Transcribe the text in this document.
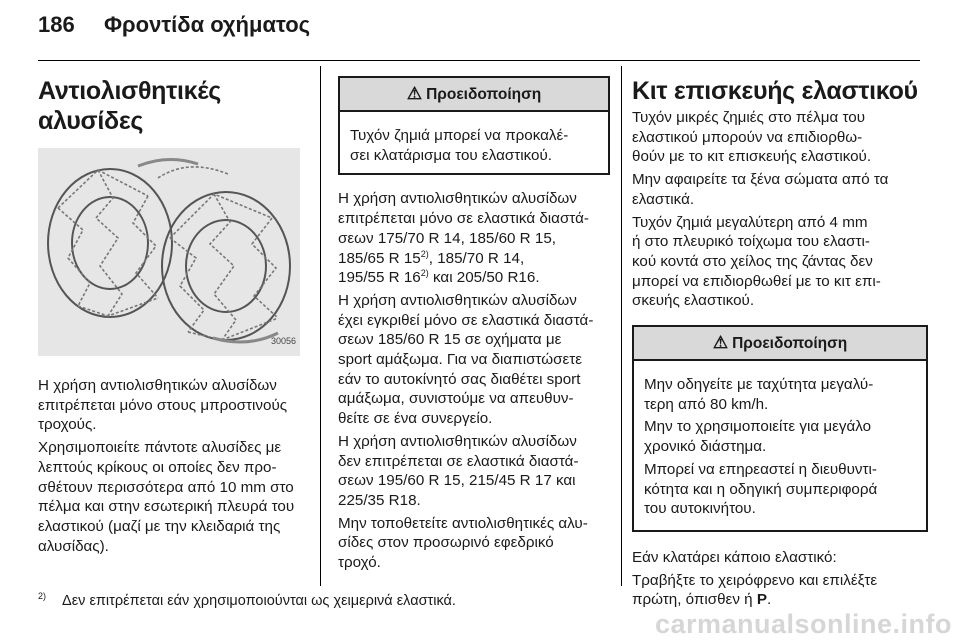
186 Φροντίδα οχήματος
Αντιολισθητικές αλυσίδες
30056

Η χρήση αντιολισθητικών αλυσίδων
επιτρέπεται μόνο στους μπροστινούς
τροχούς.

Χρησιμοποιείτε πάντοτε αλυσίδες με
λεπτούς κρίκους οι οποίες δεν προ-
σθέτουν περισσότερα από 10 mm στο
πέλμα και στην εσωτερική πλευρά του
ελαστικού (μαζί με την κλειδαριά της
αλυσίδας).

⚠ Προειδοποίηση
Τυχόν ζημιά μπορεί να προκαλέ-
σει κλατάρισμα του ελαστικού.

Η χρήση αντιολισθητικών αλυσίδων
επιτρέπεται μόνο σε ελαστικά διαστά-
σεων 175/70 R 14, 185/60 R 15,
185/65 R 15$^{2)}$, 185/70 R 14,
195/55 R 16$^{2)}$ και 205/50 R16.

Η χρήση αντιολισθητικών αλυσίδων
έχει εγκριθεί μόνο σε ελαστικά διαστά-
σεων 185/60 R 15 σε οχήματα με
sport αμάξωμα. Για να διαπιστώσετε
εάν το αυτοκίνητό σας διαθέτει sport
αμάξωμα, συνιστούμε να απευθυν-
θείτε σε ένα συνεργείο.

Η χρήση αντιολισθητικών αλυσίδων
δεν επιτρέπεται σε ελαστικά διαστά-
σεων 195/60 R 15, 215/45 R 17 και
225/35 R18.

Μην τοποθετείτε αντιολισθητικές αλυ-
σίδες στον προσωρινό εφεδρικό
τροχό.

Κιτ επισκευής ελαστικού

Τυχόν μικρές ζημιές στο πέλμα του
ελαστικού μπορούν να επιδιορθω-
θούν με το κιτ επισκευής ελαστικού.

Μην αφαιρείτε τα ξένα σώματα από τα
ελαστικά.

Τυχόν ζημιά μεγαλύτερη από 4 mm
ή στο πλευρικό τοίχωμα του ελαστι-
κού κοντά στο χείλος της ζάντας δεν
μπορεί να επιδιορθωθεί με το κιτ επι-
σκευής ελαστικού.

⚠ Προειδοποίηση

Μην οδηγείτε με ταχύτητα μεγαλύ-
τερη από 80 km/h.

Μην το χρησιμοποιείτε για μεγάλο
χρονικό διάστημα.

Μπορεί να επηρεαστεί η διευθυντι-
κότητα και η οδηγική συμπεριφορά
του αυτοκινήτου.

Εάν κλατάρει κάποιο ελαστικό:

Τραβήξτε το χειρόφρενο και επιλέξτε
πρώτη, όπισθεν ή P.

$^{2)}$ Δεν επιτρέπεται εάν χρησιμοποιούνται ως χειμερινά ελαστικά.
carmanualsonline.info
